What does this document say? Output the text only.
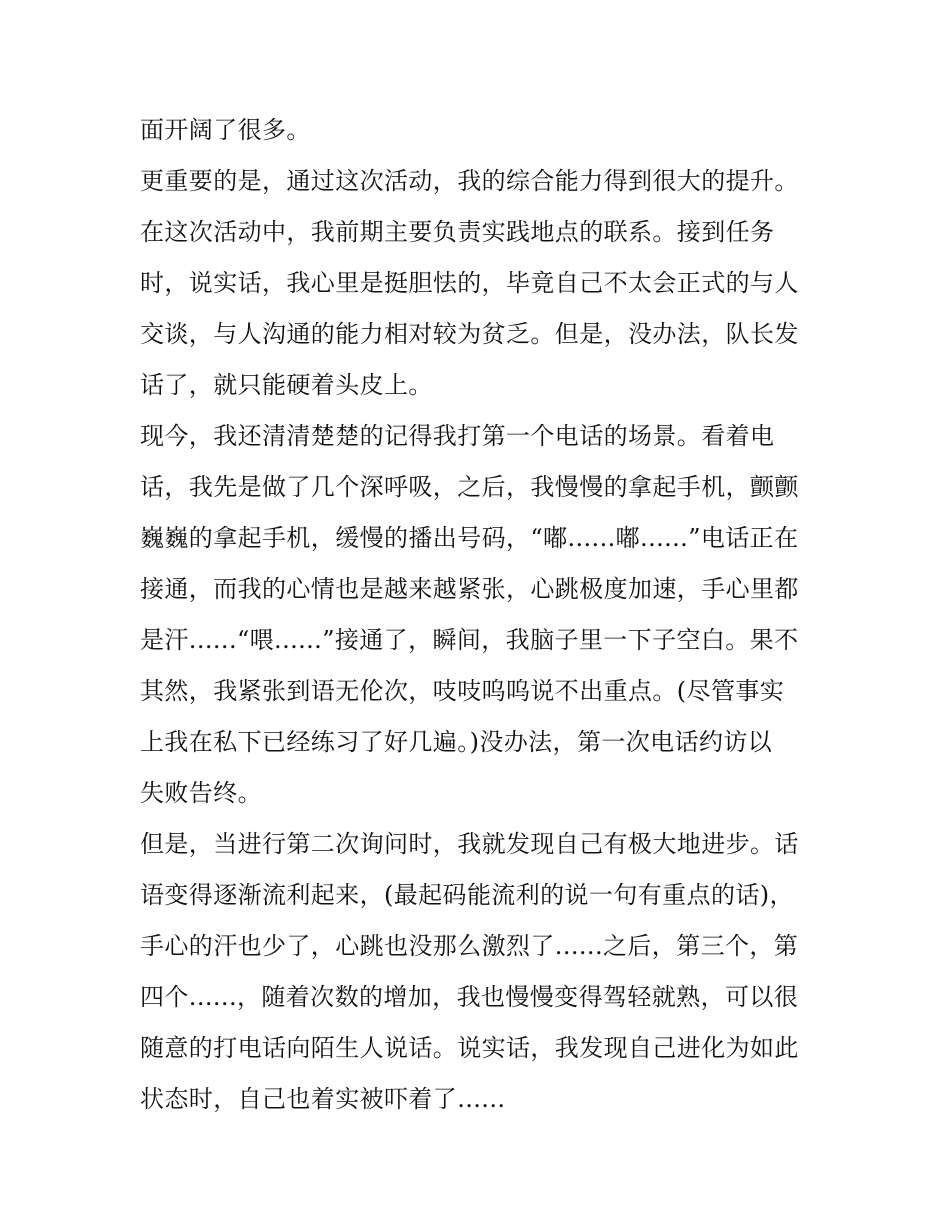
面开阔了很多。
更重要的是，通过这次活动，我的综合能力得到很大的提升。
在这次活动中，我前期主要负责实践地点的联系。接到任务
时，说实话，我心里是挺胆怯的，毕竟自己不太会正式的与人
交谈，与人沟通的能力相对较为贫乏。但是，没办法，队长发
话了，就只能硬着头皮上。
现今，我还清清楚楚的记得我打第一个电话的场景。看着电
话，我先是做了几个深呼吸，之后，我慢慢的拿起手机，颤颤
巍巍的拿起手机，缓慢的播出号码，“嘟......嘟......”电话正在
接通，而我的心情也是越来越紧张，心跳极度加速，手心里都
是汗......“喂......”接通了，瞬间，我脑子里一下子空白。果不
其然，我紧张到语无伦次，吱吱呜呜说不出重点。(尽管事实
上我在私下已经练习了好几遍。)没办法，第一次电话约访以
失败告终。
但是，当进行第二次询问时，我就发现自己有极大地进步。话
语变得逐渐流利起来，(最起码能流利的说一句有重点的话)，
手心的汗也少了，心跳也没那么激烈了......之后，第三个，第
四个......，随着次数的增加，我也慢慢变得驾轻就熟，可以很
随意的打电话向陌生人说话。说实话，我发现自己进化为如此
状态时，自己也着实被吓着了......
